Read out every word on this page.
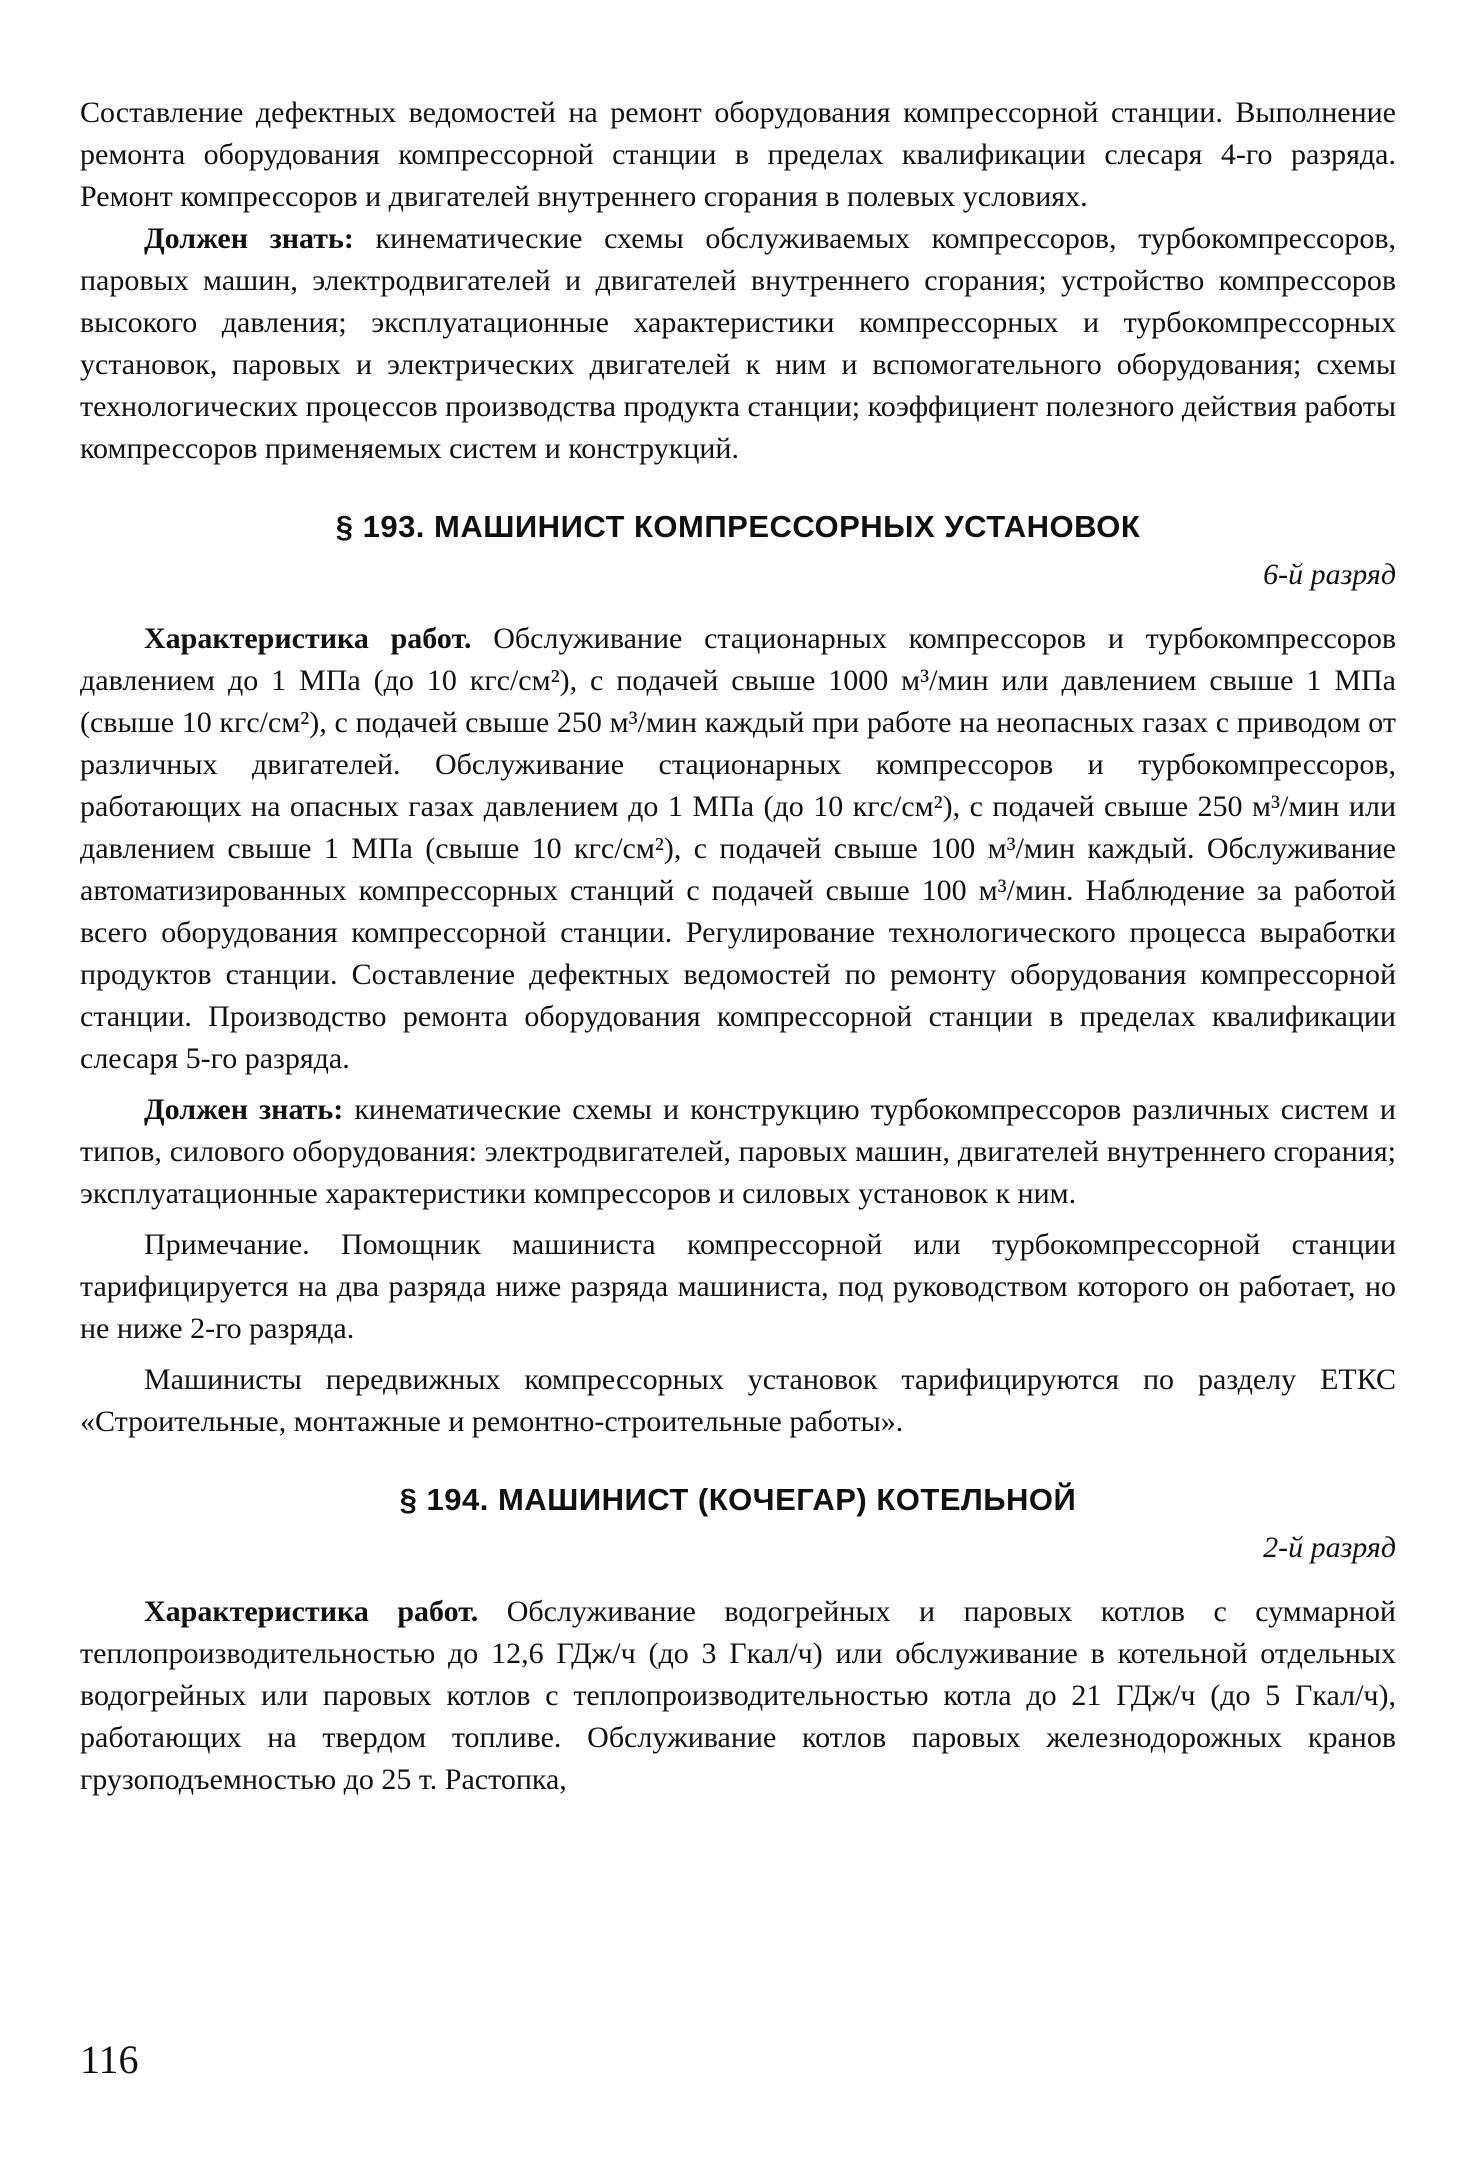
Составление дефектных ведомостей на ремонт оборудования компрессорной станции. Выполнение ремонта оборудования компрессорной станции в пределах квалификации слесаря 4-го разряда. Ремонт компрессоров и двигателей внутреннего сгорания в полевых условиях.

Должен знать: кинематические схемы обслуживаемых компрессоров, турбокомпрессоров, паровых машин, электродвигателей и двигателей внутреннего сгорания; устройство компрессоров высокого давления; эксплуатационные характеристики компрессорных и турбокомпрессорных установок, паровых и электрических двигателей к ним и вспомогательного оборудования; схемы технологических процессов производства продукта станции; коэффициент полезного действия работы компрессоров применяемых систем и конструкций.

§ 193. МАШИНИСТ КОМПРЕССОРНЫХ УСТАНОВОК

6-й разряд

Характеристика работ. Обслуживание стационарных компрессоров и турбокомпрессоров давлением до 1 МПа (до 10 кгс/см²), с подачей свыше 1000 м³/мин или давлением свыше 1 МПа (свыше 10 кгс/см²), с подачей свыше 250 м³/мин каждый при работе на неопасных газах с приводом от различных двигателей. Обслуживание стационарных компрессоров и турбокомпрессоров, работающих на опасных газах давлением до 1 МПа (до 10 кгс/см²), с подачей свыше 250 м³/мин или давлением свыше 1 МПа (свыше 10 кгс/см²), с подачей свыше 100 м³/мин каждый. Обслуживание автоматизированных компрессорных станций с подачей свыше 100 м³/мин. Наблюдение за работой всего оборудования компрессорной станции. Регулирование технологического процесса выработки продуктов станции. Составление дефектных ведомостей по ремонту оборудования компрессорной станции. Производство ремонта оборудования компрессорной станции в пределах квалификации слесаря 5-го разряда.

Должен знать: кинематические схемы и конструкцию турбокомпрессоров различных систем и типов, силового оборудования: электродвигателей, паровых машин, двигателей внутреннего сгорания; эксплуатационные характеристики компрессоров и силовых установок к ним.

Примечание. Помощник машиниста компрессорной или турбокомпрессорной станции тарифицируется на два разряда ниже разряда машиниста, под руководством которого он работает, но не ниже 2-го разряда.

Машинисты передвижных компрессорных установок тарифицируются по разделу ЕТКС «Строительные, монтажные и ремонтно-строительные работы».

§ 194. МАШИНИСТ (КОЧЕГАР) КОТЕЛЬНОЙ

2-й разряд

Характеристика работ. Обслуживание водогрейных и паровых котлов с суммарной теплопроизводительностью до 12,6 ГДж/ч (до 3 Гкал/ч) или обслуживание в котельной отдельных водогрейных или паровых котлов с теплопроизводительностью котла до 21 ГДж/ч (до 5 Гкал/ч), работающих на твердом топливе. Обслуживание котлов паровых железнодорожных кранов грузоподъемностью до 25 т. Растопка,

116
